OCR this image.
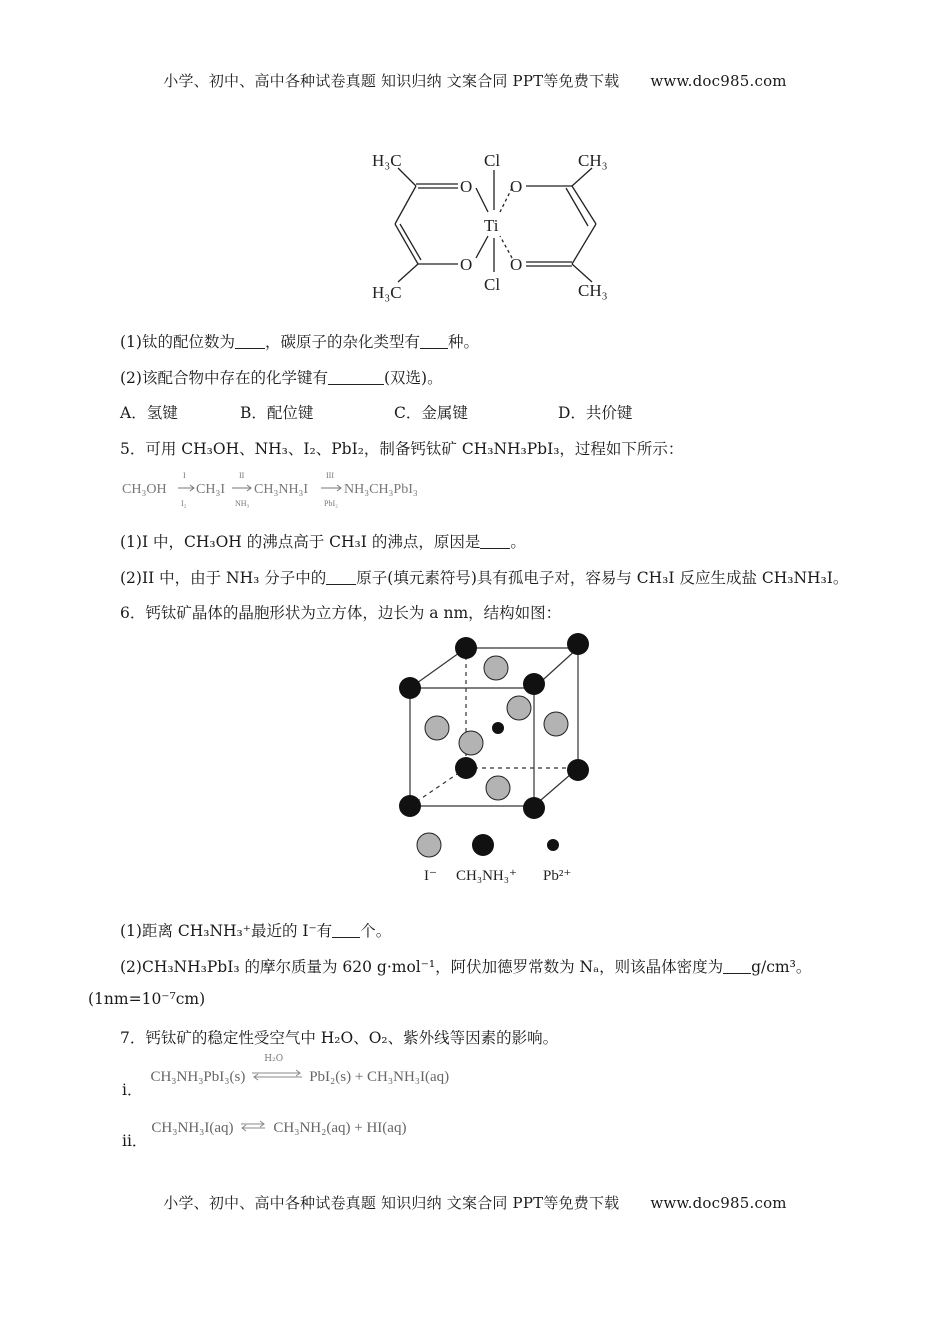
小学、初中、高中各种试卷真题 知识归纳 文案合同 PPT等免费下载 www.doc985.com
H₃C	Cl	CH₃
O O
Ti
O O
H₃C	Cl	CH₃
(1)钛的配位数为 ，碳原子的杂化类型有 种。
(2)该配合物中存在的化学键有	(双选)。
A．氢键	B．配位键	C．金属键	D．共价键
5．可用 CH₃OH、NH₃、I₂、PbI₂，制备钙钛矿 CH₃NH₃PbI₃，过程如下所示：
CH₃OH CH₃I CH₃NH₃I	NH₃CH₃PbI₃
I
I₂
II
NH₃
III
PbI₂
(1)I 中，CH₃OH 的沸点高于 CH₃I 的沸点，原因是 。
(2)II 中，由于 NH₃ 分子中的 原子(填元素符号)具有孤电子对，容易与 CH₃I 反应生成盐 CH₃NH₃I。
6．钙钛矿晶体的晶胞形状为立方体，边长为 a nm，结构如图：
I⁻ CH₃NH₃⁺ Pb²⁺
(1)距离 CH₃NH₃⁺最近的 I⁻有 个。
(2)CH₃NH₃PbI₃ 的摩尔质量为 620 g·mol⁻¹，阿伏加德罗常数为 Nₐ，则该晶体密度为 g/cm³。
(1nm=10⁻⁷cm)
7．钙钛矿的稳定性受空气中 H₂O、O₂、紫外线等因素的影响。
i．CH₃NH₃PbI₃(s)
H₂O
PbI₂(s) + CH₃NH₃I(aq)
ii．CH₃NH₃I(aq)	CH₃NH₂(aq) + HI(aq)
小学、初中、高中各种试卷真题 知识归纳 文案合同 PPT等免费下载 www.doc985.com
